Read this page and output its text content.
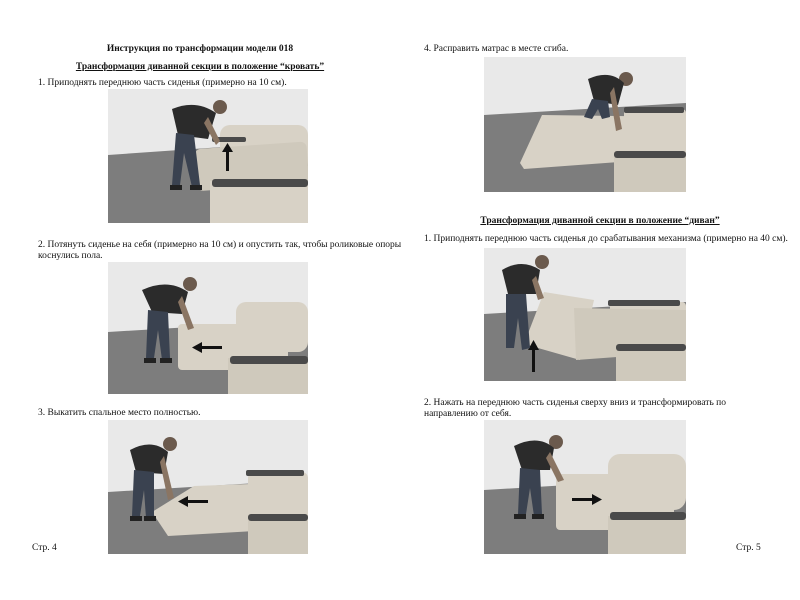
Инструкция по трансформации модели 018
Трансформация диванной секции в положение “кровать”
1. Приподнять переднюю часть сиденья (примерно на 10 см).
2. Потянуть сиденье на себя (примерно на 10 см) и опустить так, чтобы роликовые опоры
коснулись пола.
3. Выкатить спальное место полностью.
Стр. 4
4. Расправить матрас в месте сгиба.
Трансформация диванной секции в положение “диван”
1. Приподнять переднюю часть сиденья до срабатывания механизма (примерно на 40 см).
2. Нажать на переднюю часть сиденья сверху вниз и трансформировать по
направлению от себя.
Стр. 5
